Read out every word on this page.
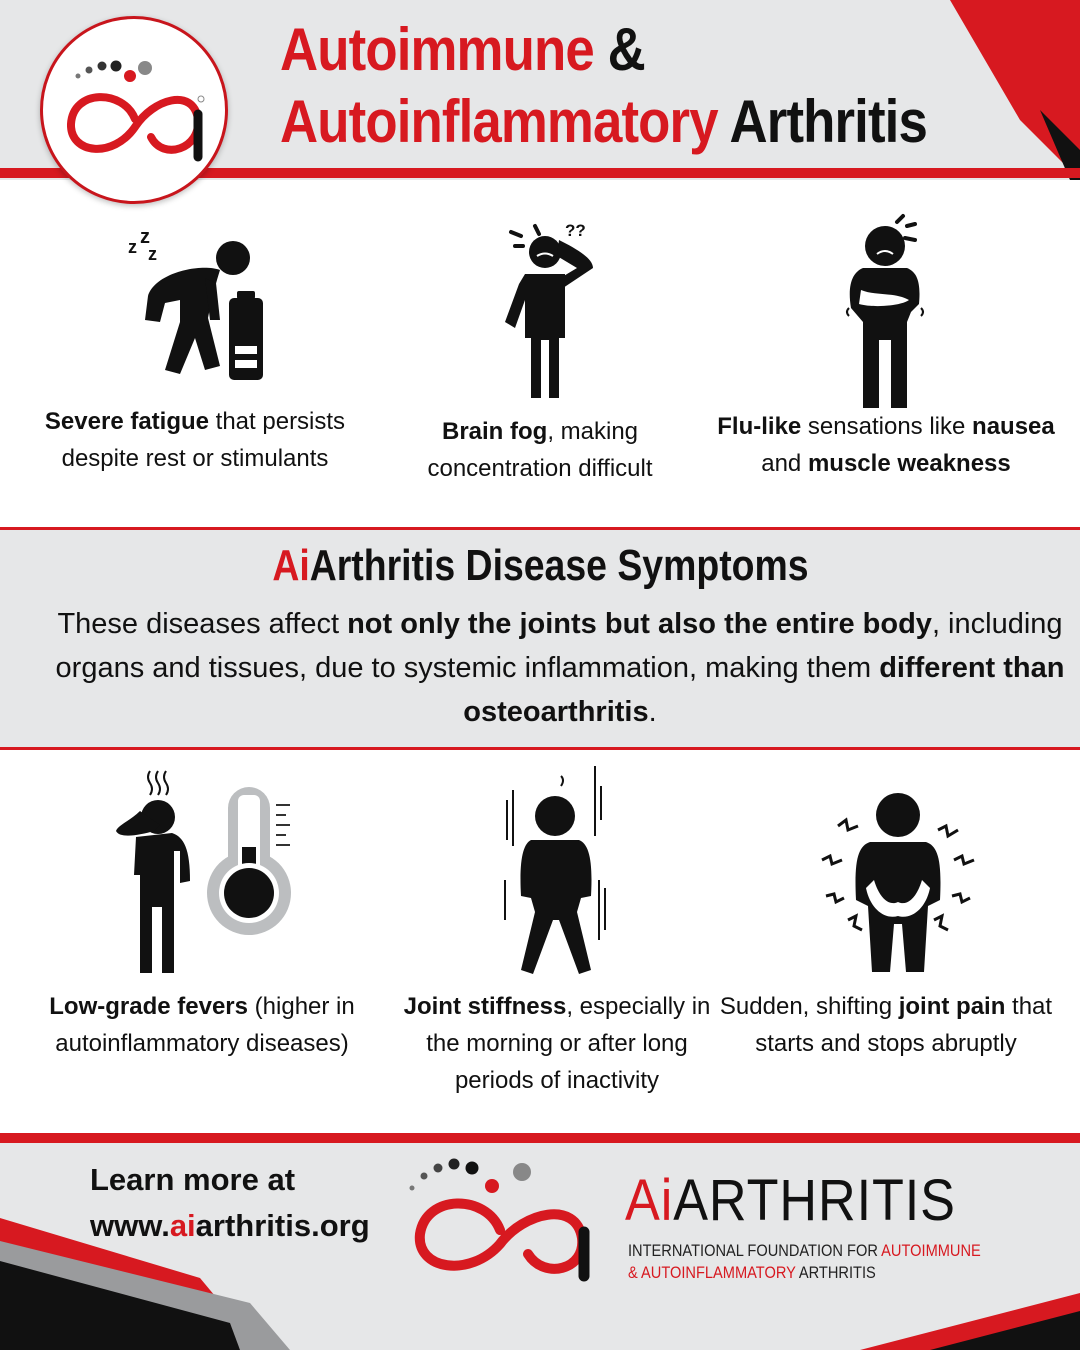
Autoimmune &
Autoinflammatory Arthritis
z z
z
??
Severe fatigue that persists despite rest or stimulants
Brain fog, making concentration difficult
Flu-like sensations like nausea and muscle weakness
AiArthritis Disease Symptoms
These diseases affect not only the joints but also the entire body, including organs and tissues, due to systemic inflammation, making them different than osteoarthritis.
Low-grade fevers (higher in autoinflammatory diseases)
Joint stiffness, especially in the morning or after long periods of inactivity
Sudden, shifting joint pain that starts and stops abruptly
Learn more at
www.aiarthritis.org	AiARTHRITIS
INTERNATIONAL FOUNDATION FOR AUTOIMMUNE
& AUTOINFLAMMATORY ARTHRITIS
